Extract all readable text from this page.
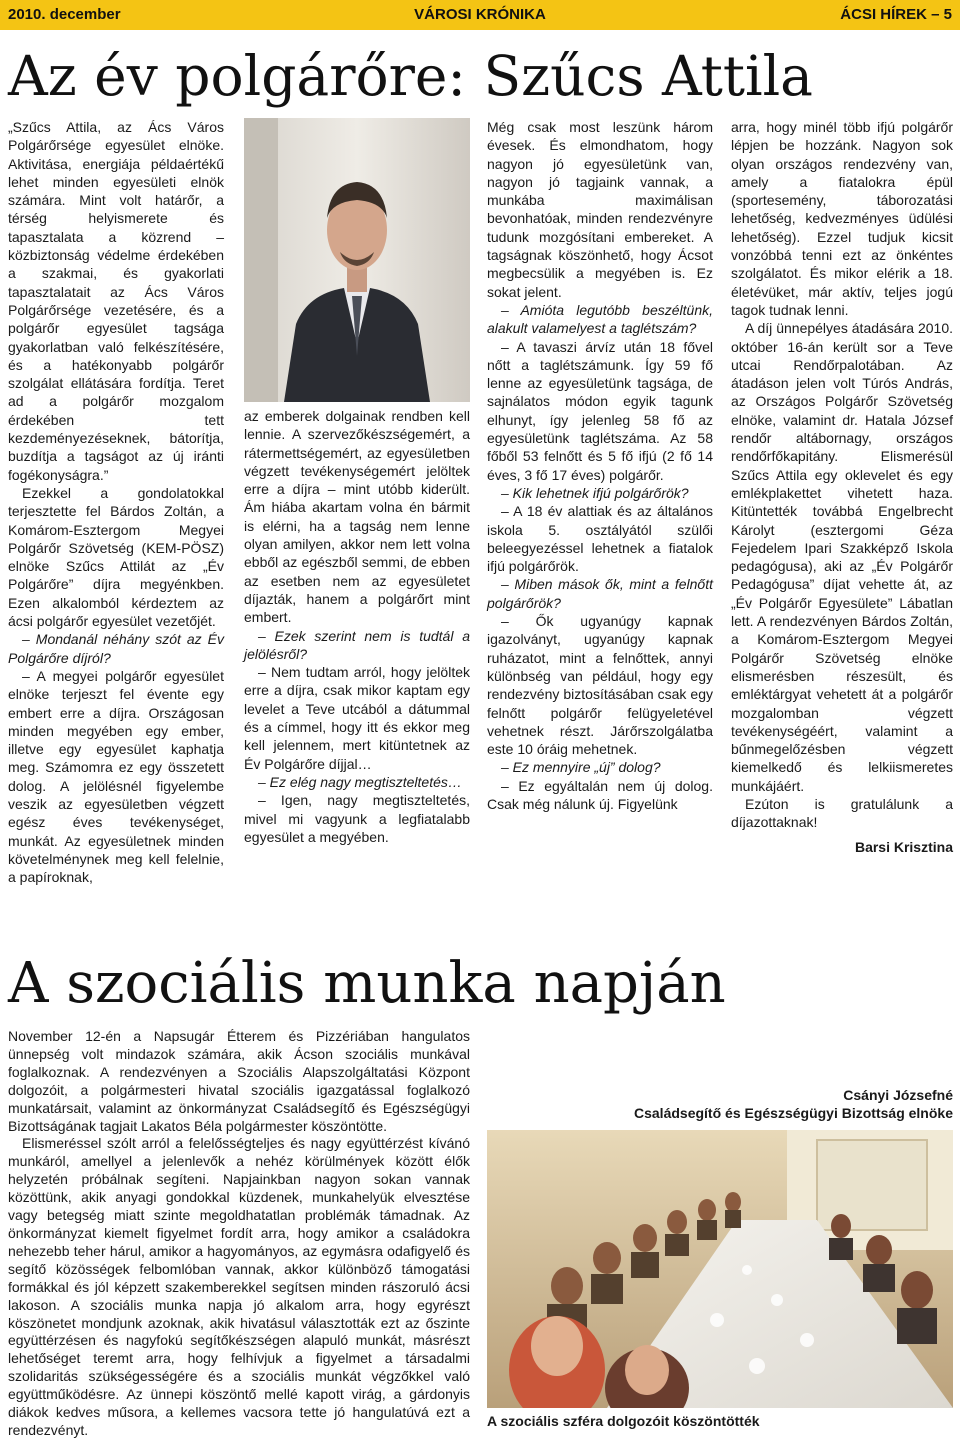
2010. december	VÁROSI KRÓNIKA	ÁCSI HÍREK – 5
Az év polgárőre: Szűcs Attila

„Szűcs Attila, az Ács Város Polgárőrsége egyesület elnöke. Aktivitása, energiája példaértékű lehet minden egyesületi elnök számára. Mint volt határőr, a térség helyismerete és tapasztalata a közrend – közbiztonság védelme érdekében a szakmai, és gyakorlati tapasztalatait az Ács Város Polgárőrsége vezetésére, és a polgárőr egyesület tagsága gyakorlatban való felkészítésére, és a hatékonyabb polgárőr szolgálat ellátására fordítja. Teret ad a polgárőr mozgalom érdekében tett kezdeményezéseknek, bátorítja, buzdítja a tagságot az új iránti fogékonyságra.”

Ezekkel a gondolatokkal terjesztette fel Bárdos Zoltán, a Komárom-Esztergom Megyei Polgárőr Szövetség (KEM-PÖSZ) elnöke Szűcs Attilát az „Év Polgárőre” díjra megyénkben. Ezen alkalomból kérdeztem az ácsi polgárőr egyesület vezetőjét.

– Mondanál néhány szót az Év Polgárőre díjról?

– A megyei polgárőr egyesület elnöke terjeszt fel évente egy embert erre a díjra. Országosan minden megyében egy ember, illetve egy egyesület kaphatja meg. Számomra ez egy összetett dolog. A jelölésnél figyelembe veszik az egyesületben végzett egész éves tevékenységet, munkát. Az egyesületnek minden követelménynek meg kell felelnie, a papíroknak,

az emberek dolgainak rendben kell lennie. A szervezőkészségemért, a rátermettségemért, az egyesületben végzett tevékenységemért jelöltek erre a díjra – mint utóbb kiderült. Ám hiába akartam volna én bármit is elérni, ha a tagság nem lenne olyan amilyen, akkor nem lett volna ebből az egészből semmi, de ebben az esetben nem az egyesületet díjazták, hanem a polgárőrt mint embert.

– Ezek szerint nem is tudtál a jelölésről?

– Nem tudtam arról, hogy jelöltek erre a díjra, csak mikor kaptam egy levelet a Teve utcából a dátummal és a címmel, hogy itt és ekkor meg kell jelennem, mert kitüntetnek az Év Polgárőre díjjal…

– Ez elég nagy megtiszteltetés…

– Igen, nagy megtiszteltetés, mivel mi vagyunk a legfiatalabb egyesület a megyében.

Még csak most leszünk három évesek. És elmondhatom, hogy nagyon jó egyesületünk van, nagyon jó tagjaink vannak, a munkába maximálisan bevonhatóak, minden rendezvényre tudunk mozgósítani embereket. A tagságnak köszönhető, hogy Ácsot megbecsülik a megyében is. Ez sokat jelent.

– Amióta legutóbb beszéltünk, alakult valamelyest a taglétszám?

– A tavaszi árvíz után 18 fővel nőtt a taglétszámunk. Így 59 fő lenne az egyesületünk tagsága, de sajnálatos módon egyik tagunk elhunyt, így jelenleg 58 fő az egyesületünk taglétszáma. Az 58 főből 53 felnőtt és 5 fő ifjú (2 fő 14 éves, 3 fő 17 éves) polgárőr.

– Kik lehetnek ifjú polgárőrök?

– A 18 év alattiak és az általános iskola 5. osztályától szülői beleegyezéssel lehetnek a fiatalok ifjú polgárőrök.

– Miben mások ők, mint a felnőtt polgárőrök?

– Ők ugyanúgy kapnak igazolványt, ugyanúgy kapnak ruházatot, mint a felnőttek, annyi különbség van például, hogy egy rendezvény biztosításában csak egy felnőtt polgárőr felügyeletével vehetnek részt. Járőrszolgálatba este 10 óráig mehetnek.

– Ez mennyire „új” dolog?

– Ez egyáltalán nem új dolog. Csak még nálunk új. Figyelünk

arra, hogy minél több ifjú polgárőr lépjen be hozzánk. Nagyon sok olyan országos rendezvény van, amely a fiatalokra épül (sportesemény, táborozatási lehetőség, kedvezményes üdülési lehetőség). Ezzel tudjuk kicsit vonzóbbá tenni ezt az önkéntes szolgálatot. És mikor elérik a 18. életévüket, már aktív, teljes jogú tagok tudnak lenni.

A díj ünnepélyes átadására 2010. október 16-án került sor a Teve utcai Rendőrpalotában. Az átadáson jelen volt Túrós András, az Országos Polgárőr Szövetség elnöke, valamint dr. Hatala József rendőr altábornagy, országos rendőrfőkapitány. Elismerésül Szűcs Attila egy oklevelet és egy emlékplakettet vihetett haza. Kitüntették továbbá Engelbrecht Károlyt (esztergomi Géza Fejedelem Ipari Szakképző Iskola pedagógusa), aki az „Év Polgárőr Pedagógusa” díjat vehette át, az „Év Polgárőr Egyesülete” Lábatlan lett. A rendezvényen Bárdos Zoltán, a Komárom-Esztergom Megyei Polgárőr Szövetség elnöke elismerésben részesült, és emléktárgyat vehetett át a polgárőr mozgalomban végzett tevékenységéért, valamint a bűnmegelőzésben végzett kiemelkedő és lelkiismeretes munkájáért.

Ezúton is gratulálunk a díjazottaknak!

Barsi Krisztina

A szociális munka napján

November 12-én a Napsugár Étterem és Pizzériában hangulatos ünnepség volt mindazok számára, akik Ácson szociális munkával foglalkoznak. A rendezvényen a Szociális Alapszolgáltatási Központ dolgozóit, a polgármesteri hivatal szociális igazgatással foglalkozó munkatársait, valamint az önkormányzat Családsegítő és Egészségügyi Bizottságának tagjait Lakatos Béla polgármester köszöntötte.

Elismeréssel szólt arról a felelősségteljes és nagy együttérzést kívánó munkáról, amellyel a jelenlevők a nehéz körülmények között élők helyzetén próbálnak segíteni. Napjainkban nagyon sokan vannak közöttünk, akik anyagi gondokkal küzdenek, munkahelyük elvesztése vagy betegség miatt szinte megoldhatatlan problémák támadnak. Az önkormányzat kiemelt figyelmet fordít arra, hogy amikor a családokra nehezebb teher hárul, amikor a hagyományos, az egymásra odafigyelő és segítő közösségek felbomlóban vannak, akkor különböző támogatási formákkal és jól képzett szakemberekkel segítsen minden rászoruló ácsi lakoson. A szociális munka napja jó alkalom arra, hogy egyrészt köszönetet mondjunk azoknak, akik hivatásul választották ezt az őszinte együttérzésen és nagyfokú segítőkészségen alapuló munkát, másrészt lehetőséget teremt arra, hogy felhívjuk a figyelmet a társadalmi szolidaritás szükségességére és a szociális munkát végzőkkel való együttműködésre. Az ünnepi köszöntő mellé kapott virág, a gárdonyis diákok kedves műsora, a kellemes vacsora tette jó hangulatúvá ezt a rendezvényt.

Csányi Józsefné

Családsegítő és Egészségügyi Bizottság elnöke

A szociális szféra dolgozóit köszöntötték
